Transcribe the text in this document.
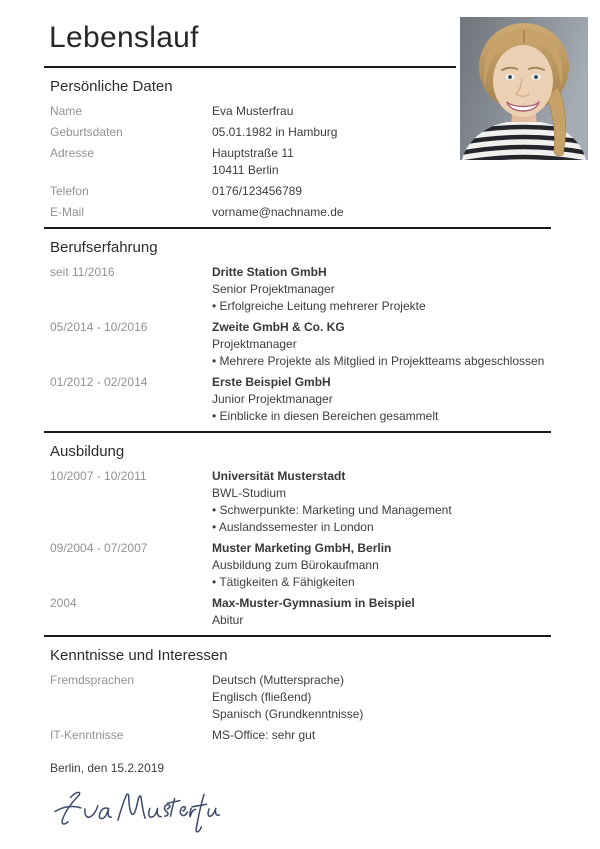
Lebenslauf
Persönliche Daten
Name	Eva Musterfrau
Geburtsdaten	05.01.1982 in Hamburg
Adresse	Hauptstraße 11
10411 Berlin
Telefon	0176/123456789
E-Mail	vorname@nachname.de
Berufserfahrung
seit 11/2016	Dritte Station GmbH
Senior Projektmanager
• Erfolgreiche Leitung mehrerer Projekte
05/2014 - 10/2016	Zweite GmbH & Co. KG
Projektmanager
• Mehrere Projekte als Mitglied in Projektteams abgeschlossen
01/2012 - 02/2014	Erste Beispiel GmbH
Junior Projektmanager
• Einblicke in diesen Bereichen gesammelt
Ausbildung
10/2007 - 10/2011	Universität Musterstadt
BWL-Studium
• Schwerpunkte: Marketing und Management
• Auslandssemester in London
09/2004 - 07/2007	Muster Marketing GmbH, Berlin
Ausbildung zum Bürokaufmann
• Tätigkeiten & Fähigkeiten
2004	Max-Muster-Gymnasium in Beispiel
Abitur
Kenntnisse und Interessen
Fremdsprachen	Deutsch (Muttersprache)
Englisch (fließend)
Spanisch (Grundkenntnisse)
IT-Kenntnisse	MS-Office: sehr gut
Berlin, den 15.2.2019
